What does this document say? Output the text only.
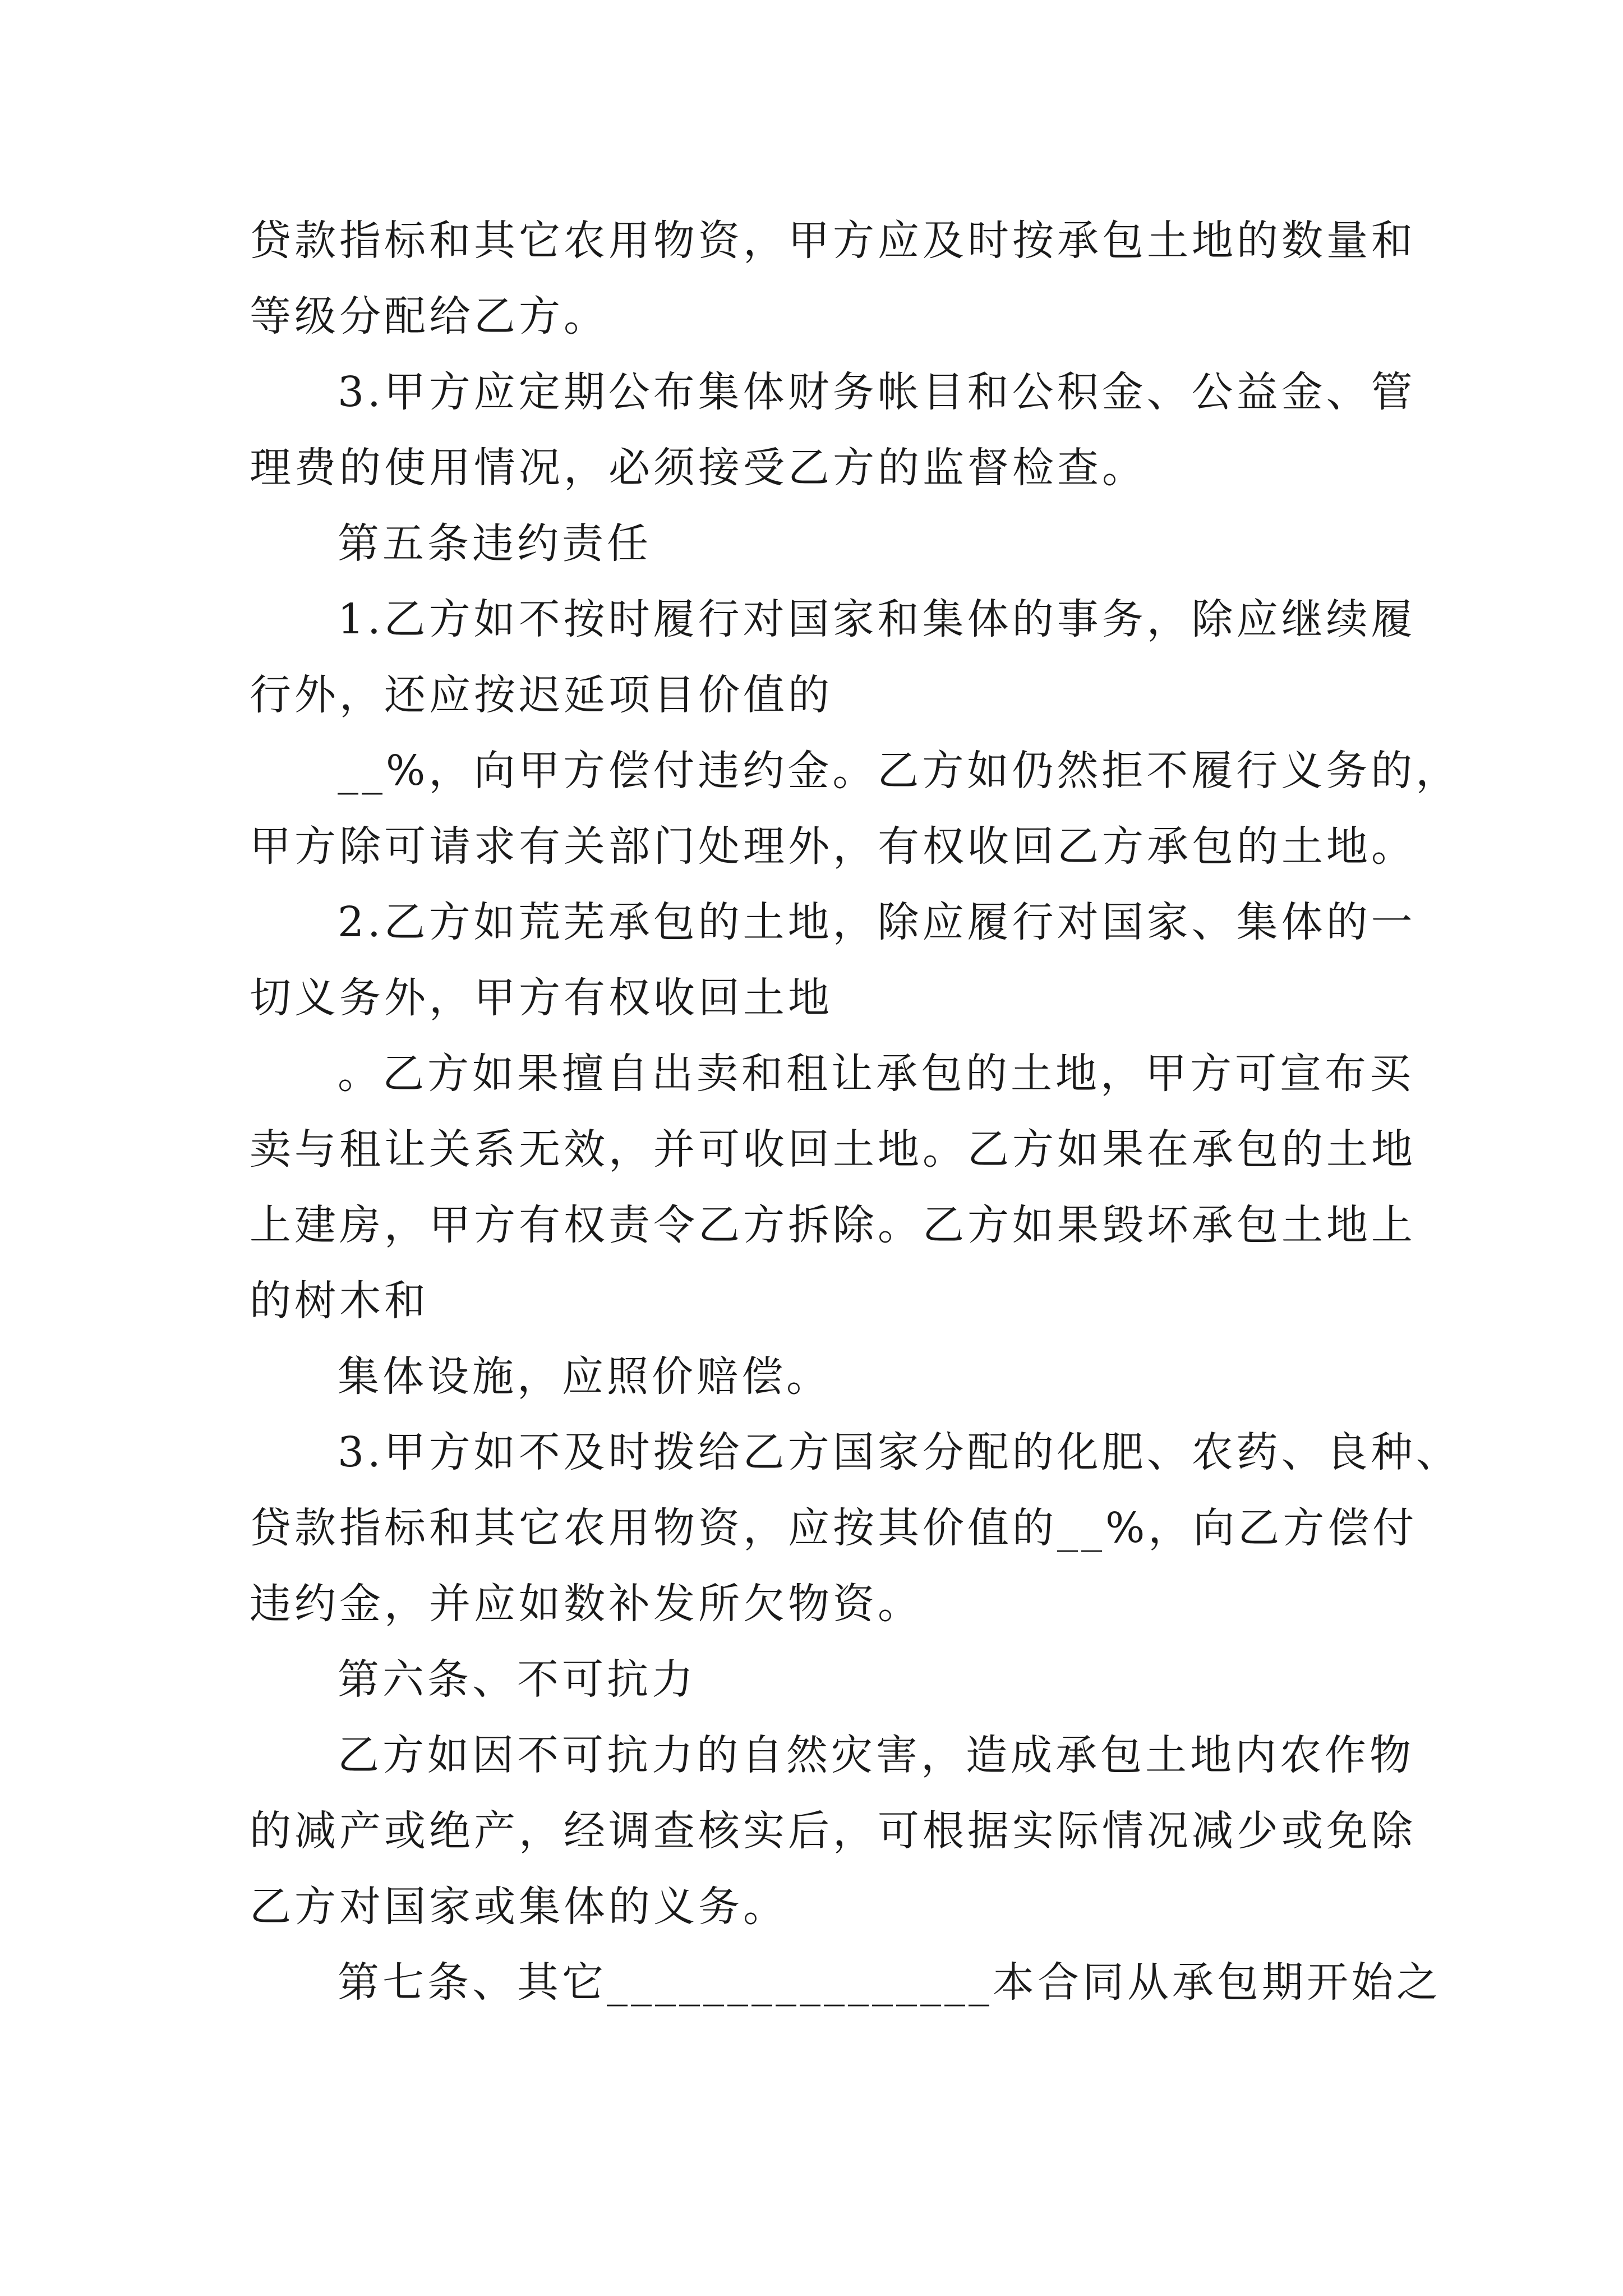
贷款指标和其它农用物资，甲方应及时按承包土地的数量和
等级分配给乙方。
3.甲方应定期公布集体财务帐目和公积金、公益金、管
理费的使用情况，必须接受乙方的监督检查。
第五条违约责任
1.乙方如不按时履行对国家和集体的事务，除应继续履
行外，还应按迟延项目价值的
__%，向甲方偿付违约金。乙方如仍然拒不履行义务的，
甲方除可请求有关部门处理外，有权收回乙方承包的土地。
2.乙方如荒芜承包的土地，除应履行对国家、集体的一
切义务外，甲方有权收回土地
。乙方如果擅自出卖和租让承包的土地，甲方可宣布买
卖与租让关系无效，并可收回土地。乙方如果在承包的土地
上建房，甲方有权责令乙方拆除。乙方如果毁坏承包土地上
的树木和
集体设施，应照价赔偿。
3.甲方如不及时拨给乙方国家分配的化肥、农药、良种、
贷款指标和其它农用物资，应按其价值的__%，向乙方偿付
违约金，并应如数补发所欠物资。
第六条、不可抗力
乙方如因不可抗力的自然灾害，造成承包土地内农作物
的减产或绝产，经调查核实后，可根据实际情况减少或免除
乙方对国家或集体的义务。
第七条、其它________________本合同从承包期开始之
